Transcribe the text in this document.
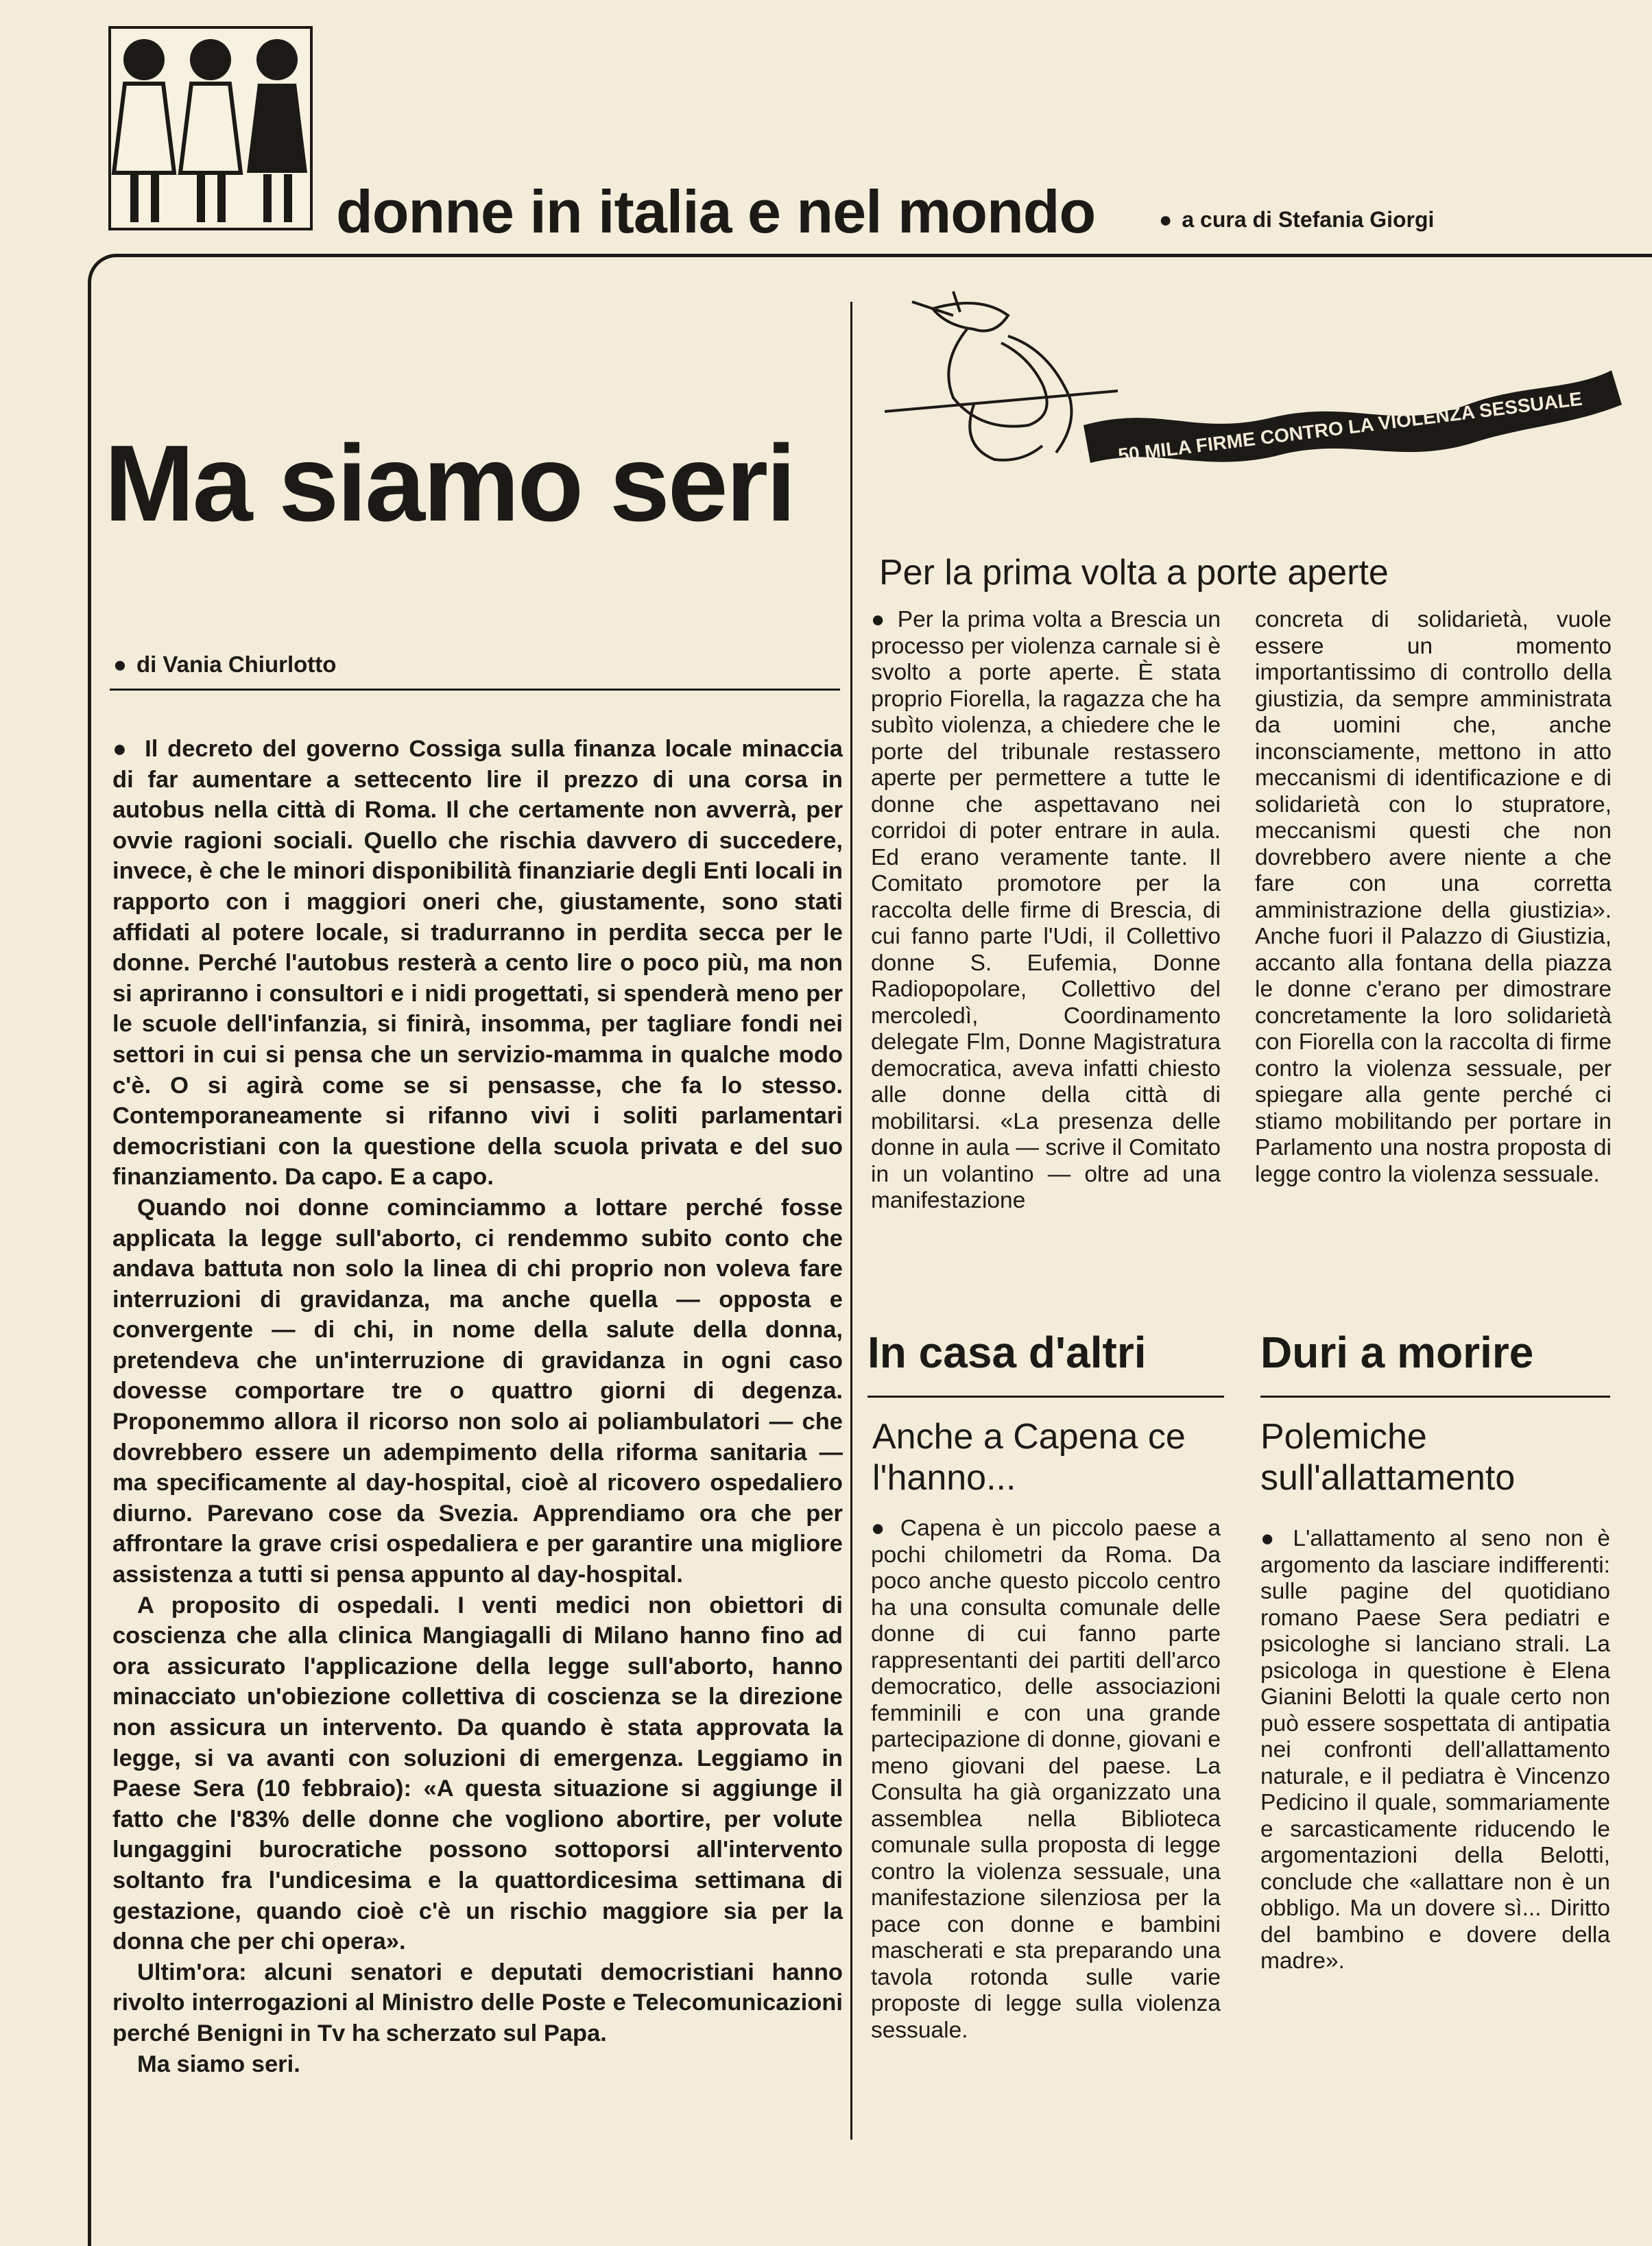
donne in italia e nel mondo
●	a cura di Stefania Giorgi
Ma siamo seri
● di Vania Chiurlotto

● Il decreto del governo Cossiga sulla finanza locale minaccia di far aumentare a settecento lire il prezzo di una corsa in autobus nella città di Roma. Il che certamente non avverrà, per ovvie ragioni sociali. Quello che rischia davvero di succedere, invece, è che le minori disponibilità finanziarie degli Enti locali in rapporto con i maggiori oneri che, giustamente, sono stati affidati al potere locale, si tradurranno in perdita secca per le donne. Perché l'autobus resterà a cento lire o poco più, ma non si apriranno i consultori e i nidi progettati, si spenderà meno per le scuole dell'infanzia, si finirà, insomma, per tagliare fondi nei settori in cui si pensa che un servizio-mamma in qualche modo c'è. O si agirà come se si pensasse, che fa lo stesso. Contemporaneamente si rifanno vivi i soliti parlamentari democristiani con la questione della scuola privata e del suo finanziamento. Da capo. E a capo.

Quando noi donne cominciammo a lottare perché fosse applicata la legge sull'aborto, ci rendemmo subito conto che andava battuta non solo la linea di chi proprio non voleva fare interruzioni di gravidanza, ma anche quella — opposta e convergente — di chi, in nome della salute della donna, pretendeva che un'interruzione di gravidanza in ogni caso dovesse comportare tre o quattro giorni di degenza. Proponemmo allora il ricorso non solo ai poliambulatori — che dovrebbero essere un adempimento della riforma sanitaria — ma specificamente al day-hospital, cioè al ricovero ospedaliero diurno. Parevano cose da Svezia. Apprendiamo ora che per affrontare la grave crisi ospedaliera e per garantire una migliore assistenza a tutti si pensa appunto al day-hospital.

A proposito di ospedali. I venti medici non obiettori di coscienza che alla clinica Mangiagalli di Milano hanno fino ad ora assicurato l'applicazione della legge sull'aborto, hanno minacciato un'obiezione collettiva di coscienza se la direzione non assicura un intervento. Da quando è stata approvata la legge, si va avanti con soluzioni di emergenza. Leggiamo in Paese Sera (10 febbraio): «A questa situazione si aggiunge il fatto che l'83% delle donne che vogliono abortire, per volute lungaggini burocratiche possono sottoporsi all'intervento soltanto fra l'undicesima e la quattordicesima settimana di gestazione, quando cioè c'è un rischio maggiore sia per la donna che per chi opera».

Ultim'ora: alcuni senatori e deputati democristiani hanno rivolto interrogazioni al Ministro delle Poste e Telecomunicazioni perché Benigni in Tv ha scherzato sul Papa.

Ma siamo seri.

50 MILA FIRME CONTRO LA VIOLENZA SESSUALE
Per la prima volta a porte aperte

● Per la prima volta a Brescia un processo per violenza carnale si è svolto a porte aperte. È stata proprio Fiorella, la ragazza che ha subìto violenza, a chiedere che le porte del tribunale restassero aperte per permettere a tutte le donne che aspettavano nei corridoi di poter entrare in aula. Ed erano veramente tante. Il Comitato promotore per la raccolta delle firme di Brescia, di cui fanno parte l'Udi, il Collettivo donne S. Eufemia, Donne Radiopopolare, Collettivo del mercoledì, Coordinamento delegate Flm, Donne Magistratura democratica, aveva infatti chiesto alle donne della città di mobilitarsi. «La presenza delle donne in aula — scrive il Comitato in un volantino — oltre ad una manifestazione

concreta di solidarietà, vuole essere un momento importantissimo di controllo della giustizia, da sempre amministrata da uomini che, anche inconsciamente, mettono in atto meccanismi di identificazione e di solidarietà con lo stupratore, meccanismi questi che non dovrebbero avere niente a che fare con una corretta amministrazione della giustizia». Anche fuori il Palazzo di Giustizia, accanto alla fontana della piazza le donne c'erano per dimostrare concretamente la loro solidarietà con Fiorella con la raccolta di firme contro la violenza sessuale, per spiegare alla gente perché ci stiamo mobilitando per portare in Parlamento una nostra proposta di legge contro la violenza sessuale.

In casa d'altri
Anche a Capena ce l'hanno...

● Capena è un piccolo paese a pochi chilometri da Roma. Da poco anche questo piccolo centro ha una consulta comunale delle donne di cui fanno parte rappresentanti dei partiti dell'arco democratico, delle associazioni femminili e con una grande partecipazione di donne, giovani e meno giovani del paese. La Consulta ha già organizzato una assemblea nella Biblioteca comunale sulla proposta di legge contro la violenza sessuale, una manifestazione silenziosa per la pace con donne e bambini mascherati e sta preparando una tavola rotonda sulle varie proposte di legge sulla violenza sessuale.

Duri a morire
Polemiche sull'allattamento

● L'allattamento al seno non è argomento da lasciare indifferenti: sulle pagine del quotidiano romano Paese Sera pediatri e psicologhe si lanciano strali. La psicologa in questione è Elena Gianini Belotti la quale certo non può essere sospettata di antipatia nei confronti dell'allattamento naturale, e il pediatra è Vincenzo Pedicino il quale, sommariamente e sarcasticamente riducendo le argomentazioni della Belotti, conclude che «allattare non è un obbligo. Ma un dovere sì... Diritto del bambino e dovere della madre».
